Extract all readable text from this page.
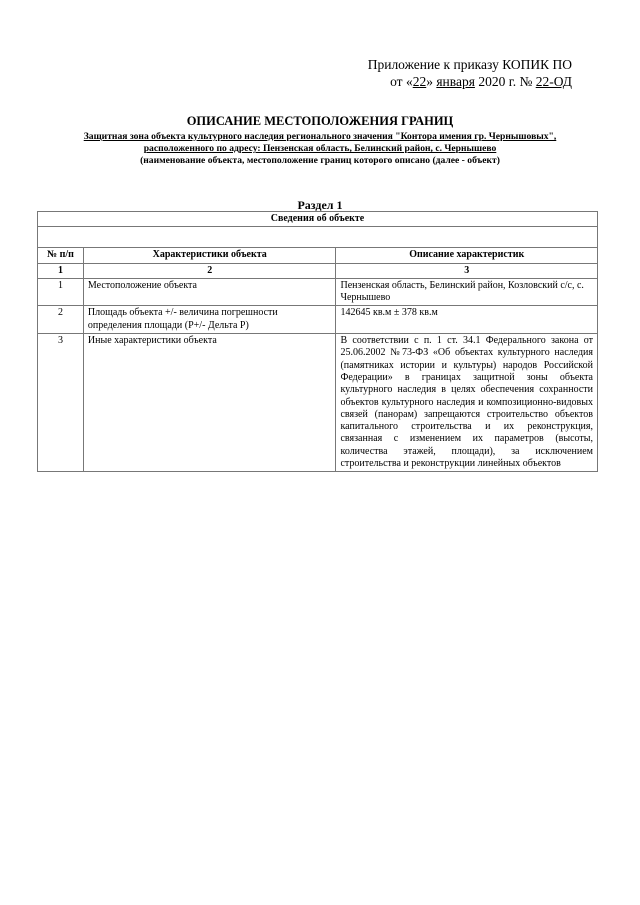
Приложение к приказу КОПИК ПО
от «22» января 2020 г. № 22-ОД
ОПИСАНИЕ МЕСТОПОЛОЖЕНИЯ ГРАНИЦ
Защитная зона объекта культурного наследия регионального значения "Контора имения гр. Чернышовых",
расположенного по адресу: Пензенская область, Белинский район, с. Чернышево
(наименование объекта, местоположение границ которого описано (далее - объект)
Раздел 1
Сведения об объекте		

№ п/п	Характеристики объекта	Описание характеристик
1	2	3
1	Местоположение объекта	Пензенская область, Белинский район, Козловский с/с, с. Чернышево
2	Площадь объекта +/- величина погрешности определения площади (Р+/- Дельта Р)	142645 кв.м ± 378 кв.м
3	Иные характеристики объекта	В соответствии с п. 1 ст. 34.1 Федерального закона от 25.06.2002 №73-ФЗ «Об объектах культурного наследия (памятниках истории и культуры) народов Российской Федерации» в границах защитной зоны объекта культурного наследия в целях обеспечения сохранности объектов культурного наследия и композиционно-видовых связей (панорам) запрещаются строительство объектов капитального строительства и их реконструкция, связанная с изменением их параметров (высоты, количества этажей, площади), за исключением строительства и реконструкции линейных объектов
